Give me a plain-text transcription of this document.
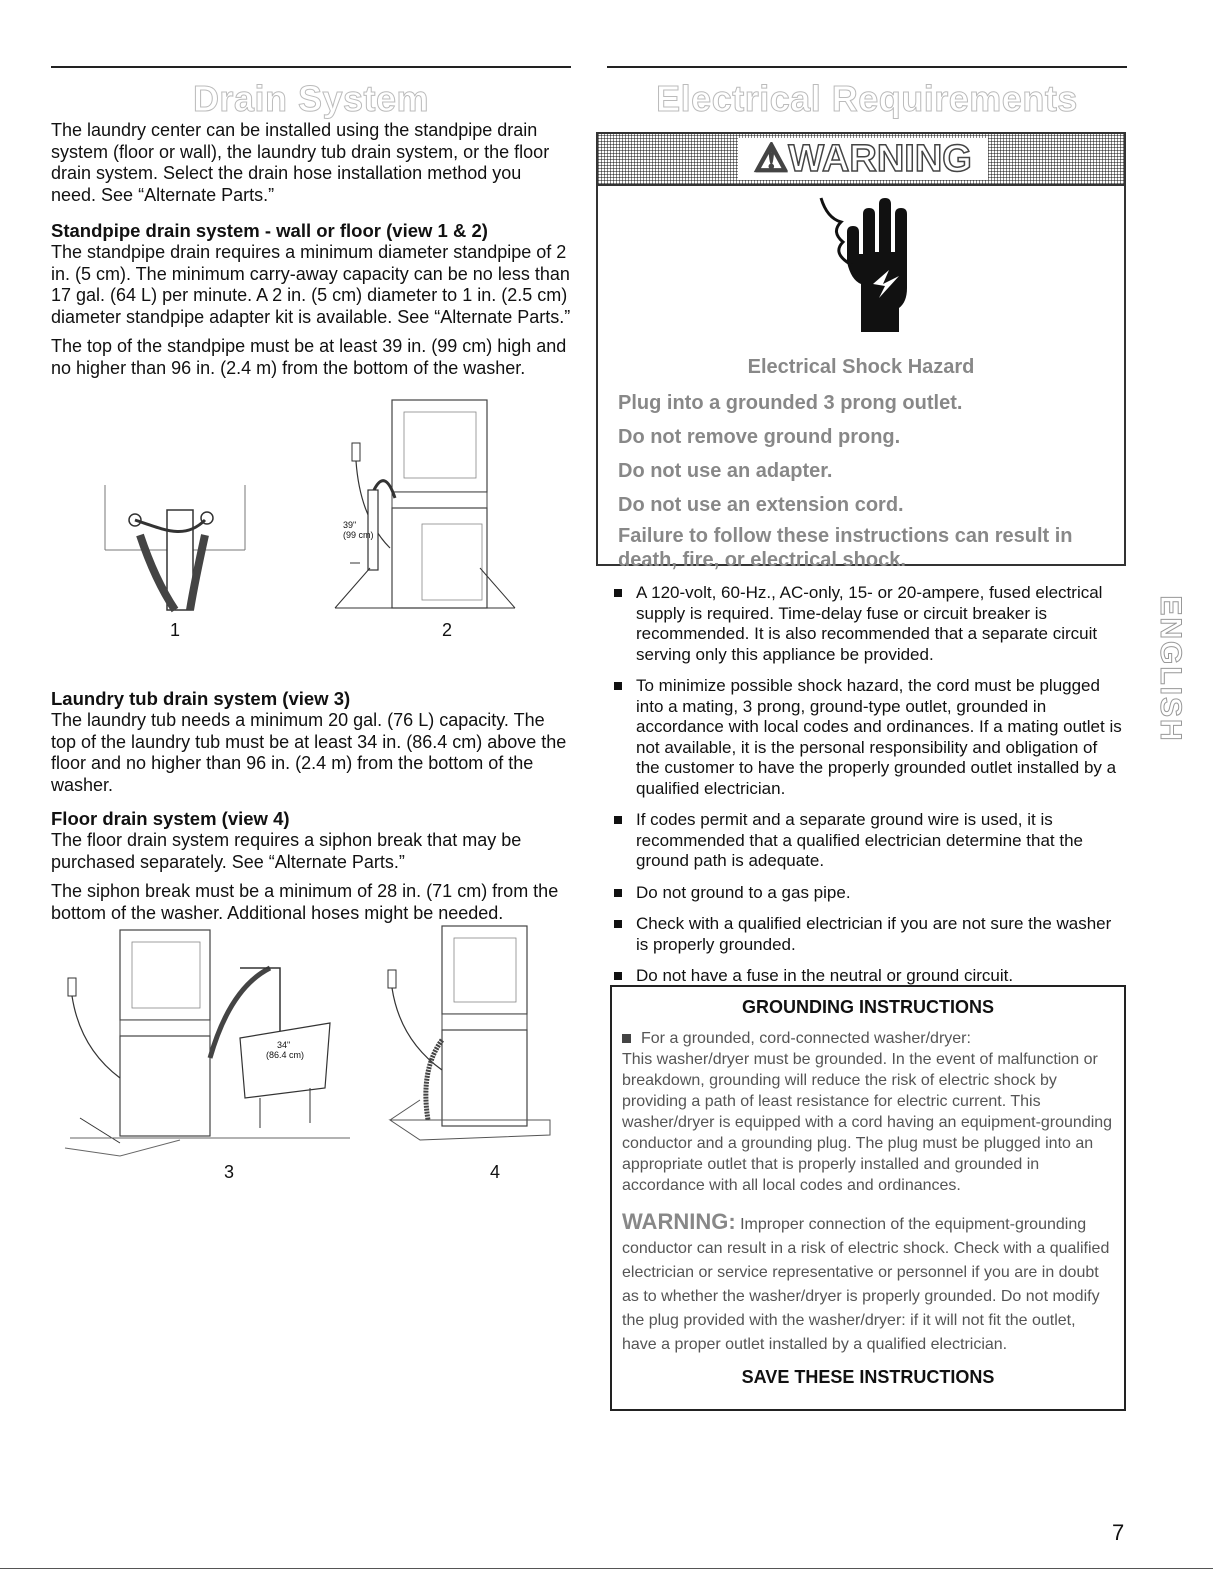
Drain System	Electrical Requirements

The laundry center can be installed using the standpipe drain system (floor or wall), the laundry tub drain system, or the floor drain system. Select the drain hose installation method you need. See “Alternate Parts.”

Standpipe drain system - wall or floor (view 1 & 2)

The standpipe drain requires a minimum diameter standpipe of 2 in. (5 cm). The minimum carry-away capacity can be no less than 17 gal. (64 L) per minute. A 2 in. (5 cm) diameter to 1 in. (2.5 cm) diameter standpipe adapter kit is available. See “Alternate Parts.”

The top of the standpipe must be at least 39 in. (99 cm) high and no higher than 96 in. (2.4 m) from the bottom of the washer.

1
39"
(99 cm)
2

Laundry tub drain system (view 3)

The laundry tub needs a minimum 20 gal. (76 L) capacity. The top of the laundry tub must be at least 34 in. (86.4 cm) above the floor and no higher than 96 in. (2.4 m) from the bottom of the washer.

Floor drain system (view 4)

The floor drain system requires a siphon break that may be purchased separately. See “Alternate Parts.”

The siphon break must be a minimum of 28 in. (71 cm) from the bottom of the washer. Additional hoses might be needed.

34"
(86.4 cm)
3	4
⚠WARNING
Electrical Shock Hazard
Plug into a grounded 3 prong outlet.
Do not remove ground prong.
Do not use an adapter.
Do not use an extension cord.
Failure to follow these instructions can result in death, fire, or electrical shock.
A 120-volt, 60-Hz., AC-only, 15- or 20-ampere, fused electrical supply is required. Time-delay fuse or circuit breaker is recommended. It is also recommended that a separate circuit serving only this appliance be provided.
To minimize possible shock hazard, the cord must be plugged into a mating, 3 prong, ground-type outlet, grounded in accordance with local codes and ordinances. If a mating outlet is not available, it is the personal responsibility and obligation of the customer to have the properly grounded outlet installed by a qualified electrician.
If codes permit and a separate ground wire is used, it is recommended that a qualified electrician determine that the ground path is adequate.
Do not ground to a gas pipe.
Check with a qualified electrician if you are not sure the washer is properly grounded.
Do not have a fuse in the neutral or ground circuit.
GROUNDING INSTRUCTIONS
For a grounded, cord-connected washer/dryer:
This washer/dryer must be grounded. In the event of malfunction or breakdown, grounding will reduce the risk of electric shock by providing a path of least resistance for electric current. This washer/dryer is equipped with a cord having an equipment-grounding conductor and a grounding plug. The plug must be plugged into an appropriate outlet that is properly installed and grounded in accordance with all local codes and ordinances.
WARNING: Improper connection of the equipment-grounding conductor can result in a risk of electric shock. Check with a qualified electrician or service representative or personnel if you are in doubt as to whether the washer/dryer is properly grounded. Do not modify the plug provided with the washer/dryer: if it will not fit the outlet, have a proper outlet installed by a qualified electrician.
SAVE THESE INSTRUCTIONS
ENGLISH
7
